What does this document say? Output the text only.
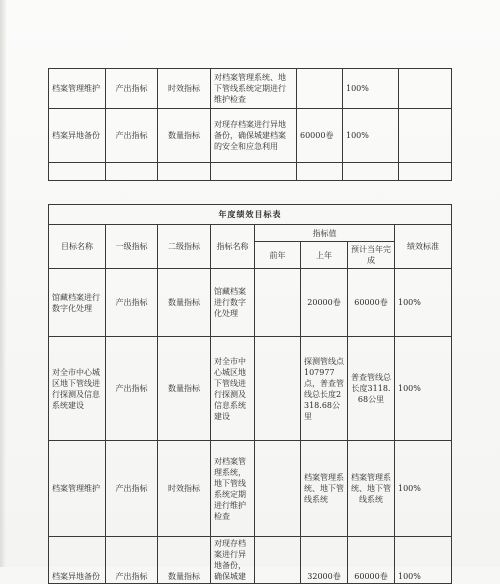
档案管理维护	产出指标	时效指标	对档案管理系统、地下管线系统定期进行维护检查		100%	
档案异地备份	产出指标	数量指标	对现存档案进行异地备份，确保城建档案的安全和应急利用	60000卷	100%	

年度绩效目标表							
目标名称	一级指标	二级指标	指标名称	指标值			绩效标准
				前年	上年	预计当年完成	
馆藏档案进行数字化处理	产出指标	数量指标	馆藏档案进行数字化处理		20000卷	60000卷	100%
对全市中心城区地下管线进行探测及信息系统建设	产出指标	数量指标	对全市中心城区地下管线进行探测及信息系统建设		探测管线点107977点，普查管线总长度2318.68公里	普查管线总长度3118.68公里	100%
档案管理维护	产出指标	时效指标	对档案管理系统，地下管线系统定期进行维护检查		档案管理系统、地下管线系统	档案管理系统、地下管线系统	100%
档案异地备份	产出指标	数量指标	对现存档案进行异地备份，确保城建		32000卷	60000卷	100%
